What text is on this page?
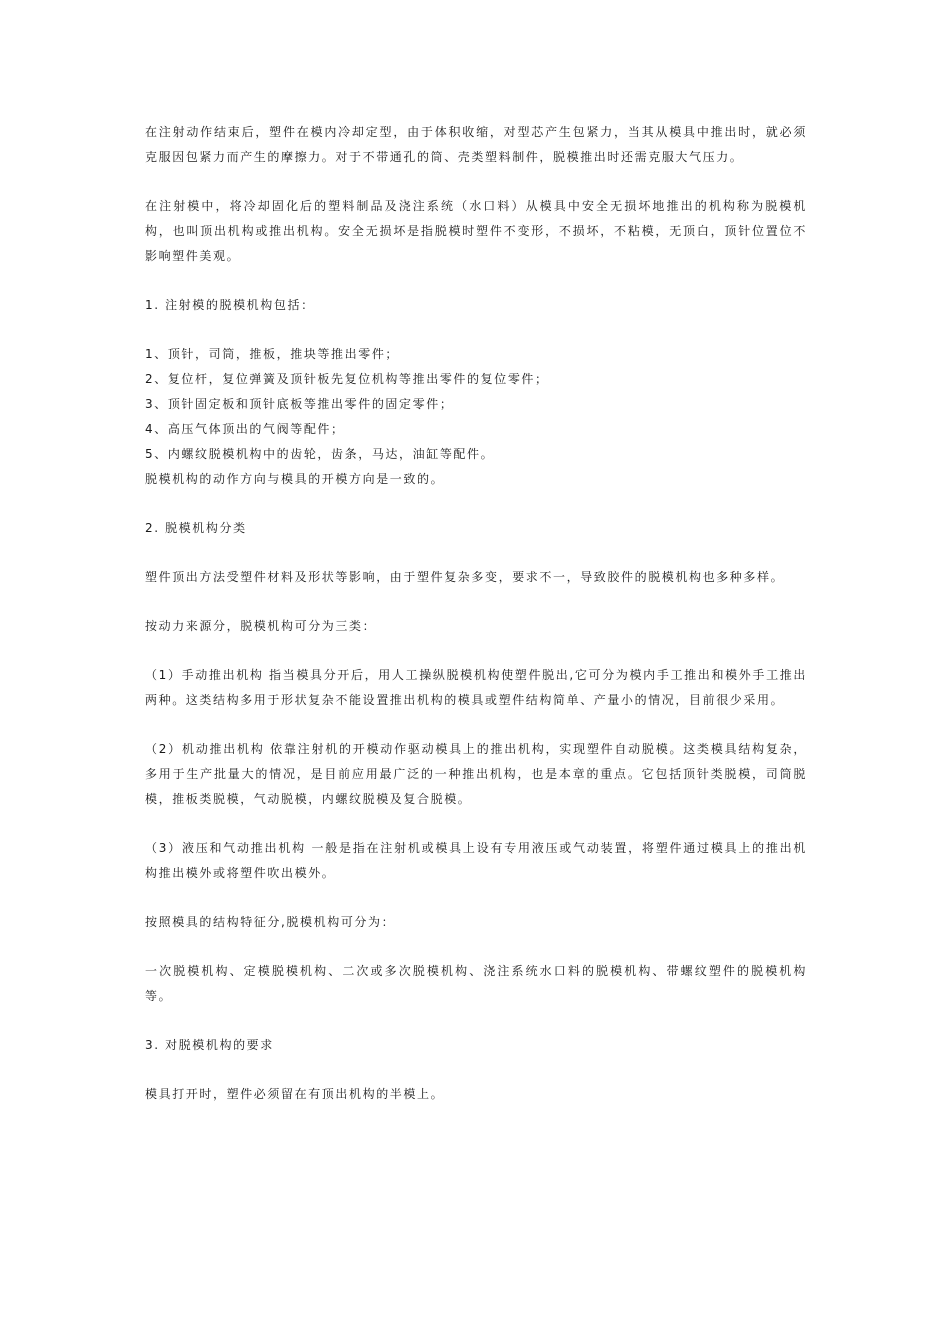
在注射动作结束后，塑件在模内冷却定型，由于体积收缩，对型芯产生包紧力，当其从模具中推出时，就必须克服因包紧力而产生的摩擦力。对于不带通孔的筒、壳类塑料制件，脱模推出时还需克服大气压力。

在注射模中，将冷却固化后的塑料制品及浇注系统（水口料）从模具中安全无损坏地推出的机构称为脱模机构，也叫顶出机构或推出机构。安全无损坏是指脱模时塑件不变形，不损坏，不粘模，无顶白，顶针位置位不影响塑件美观。

1. 注射模的脱模机构包括：

1、顶针，司筒，推板，推块等推出零件；
2、复位杆，复位弹簧及顶针板先复位机构等推出零件的复位零件；
3、顶针固定板和顶针底板等推出零件的固定零件；
4、高压气体顶出的气阀等配件；
5、内螺纹脱模机构中的齿轮，齿条，马达，油缸等配件。

脱模机构的动作方向与模具的开模方向是一致的。

2. 脱模机构分类

塑件顶出方法受塑件材料及形状等影响，由于塑件复杂多变，要求不一，导致胶件的脱模机构也多种多样。

按动力来源分，脱模机构可分为三类：

（1）手动推出机构 指当模具分开后，用人工操纵脱模机构使塑件脱出,它可分为模内手工推出和模外手工推出两种。这类结构多用于形状复杂不能设置推出机构的模具或塑件结构简单、产量小的情况，目前很少采用。

（2）机动推出机构 依靠注射机的开模动作驱动模具上的推出机构，实现塑件自动脱模。这类模具结构复杂，多用于生产批量大的情况，是目前应用最广泛的一种推出机构，也是本章的重点。它包括顶针类脱模，司筒脱模，推板类脱模，气动脱模，内螺纹脱模及复合脱模。

（3）液压和气动推出机构 一般是指在注射机或模具上设有专用液压或气动装置，将塑件通过模具上的推出机构推出模外或将塑件吹出模外。

按照模具的结构特征分,脱模机构可分为：

一次脱模机构、定模脱模机构、二次或多次脱模机构、浇注系统水口料的脱模机构、带螺纹塑件的脱模机构等。

3. 对脱模机构的要求

模具打开时，塑件必须留在有顶出机构的半模上。
